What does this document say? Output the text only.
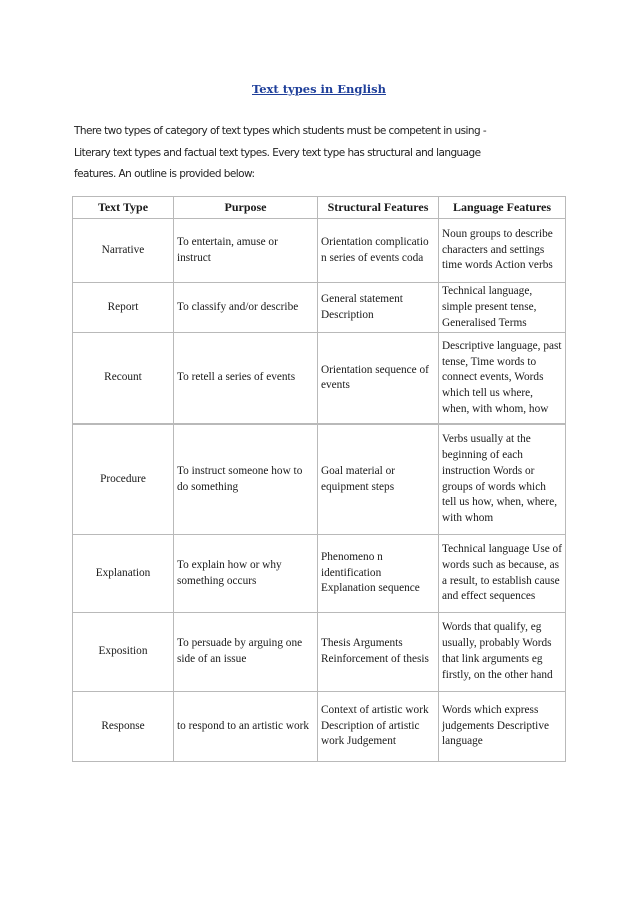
Text types in English

There two types of category of text types which students must be competent in using -

Literary text types and factual text types. Every text type has structural and language

features. An outline is provided below:

Text Type	Purpose	Structural Features	Language Features
Narrative	To entertain, amuse or instruct	Orientation complicatio n series of events coda	Noun groups to describe characters and settings time words Action verbs
Report	To classify and/or describe	General statement Description	Technical language, simple present tense, Generalised Terms
Recount	To retell a series of events	Orientation sequence of events	Descriptive language, past tense, Time words to connect events, Words which tell us where, when, with whom, how
Procedure	To instruct someone how to do something	Goal material or equipment steps	Verbs usually at the beginning of each instruction Words or groups of words which tell us how, when, where, with whom
Explanation	To explain how or why something occurs	Phenomeno n identification Explanation sequence	Technical language Use of words such as because, as a result, to establish cause and effect sequences
Exposition	To persuade by arguing one side of an issue	Thesis Arguments Reinforcement of thesis	Words that qualify, eg usually, probably Words that link arguments eg firstly, on the other hand
Response	to respond to an artistic work	Context of artistic work Description of artistic work Judgement	Words which express judgements Descriptive language
